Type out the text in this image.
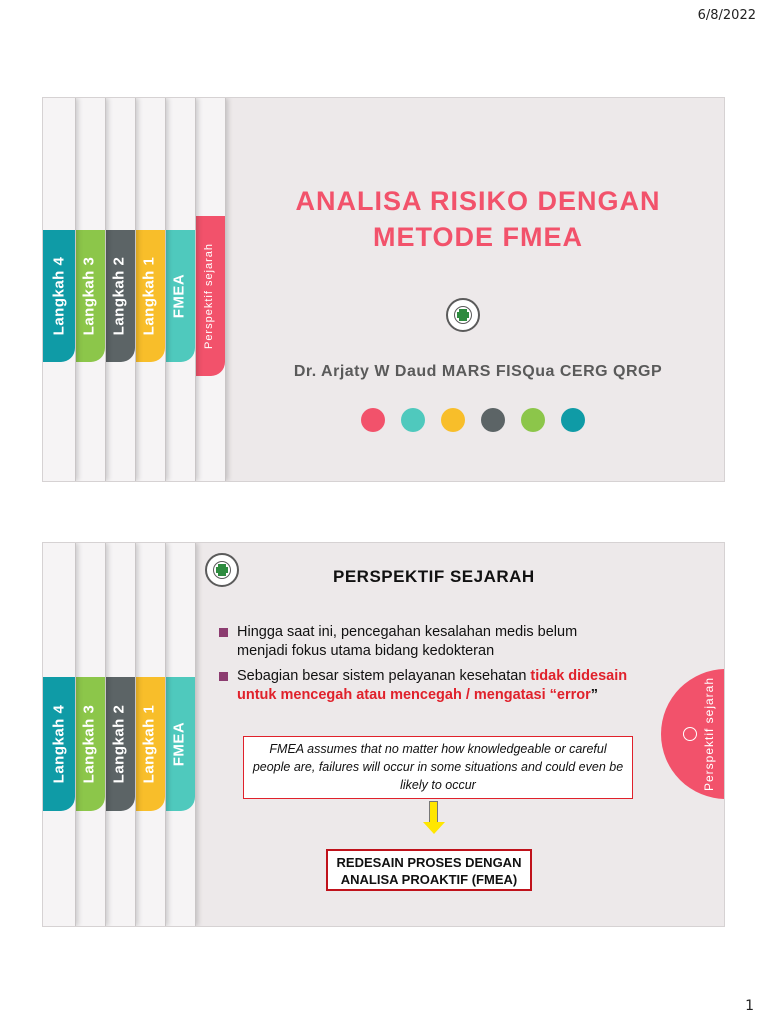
6/8/2022
Perspektif sejarah
FMEA
Langkah 1
Langkah 2
Langkah 3
Langkah 4
ANALISA RISIKO DENGAN
METODE FMEA
Dr. Arjaty W Daud MARS FISQua CERG QRGP
FMEA
Langkah 1
Langkah 2
Langkah 3
Langkah 4
PERSPEKTIF SEJARAH
Hingga saat ini, pencegahan kesalahan medis belum menjadi fokus utama bidang kedokteran
Sebagian besar sistem pelayanan kesehatan tidak didesain untuk mencegah atau mencegah / mengatasi “error”
FMEA assumes that no matter how knowledgeable or careful people are, failures will occur in some situations and could even be likely to occur
REDESAIN PROSES DENGAN
ANALISA PROAKTIF (FMEA)
Perspektif sejarah
1
